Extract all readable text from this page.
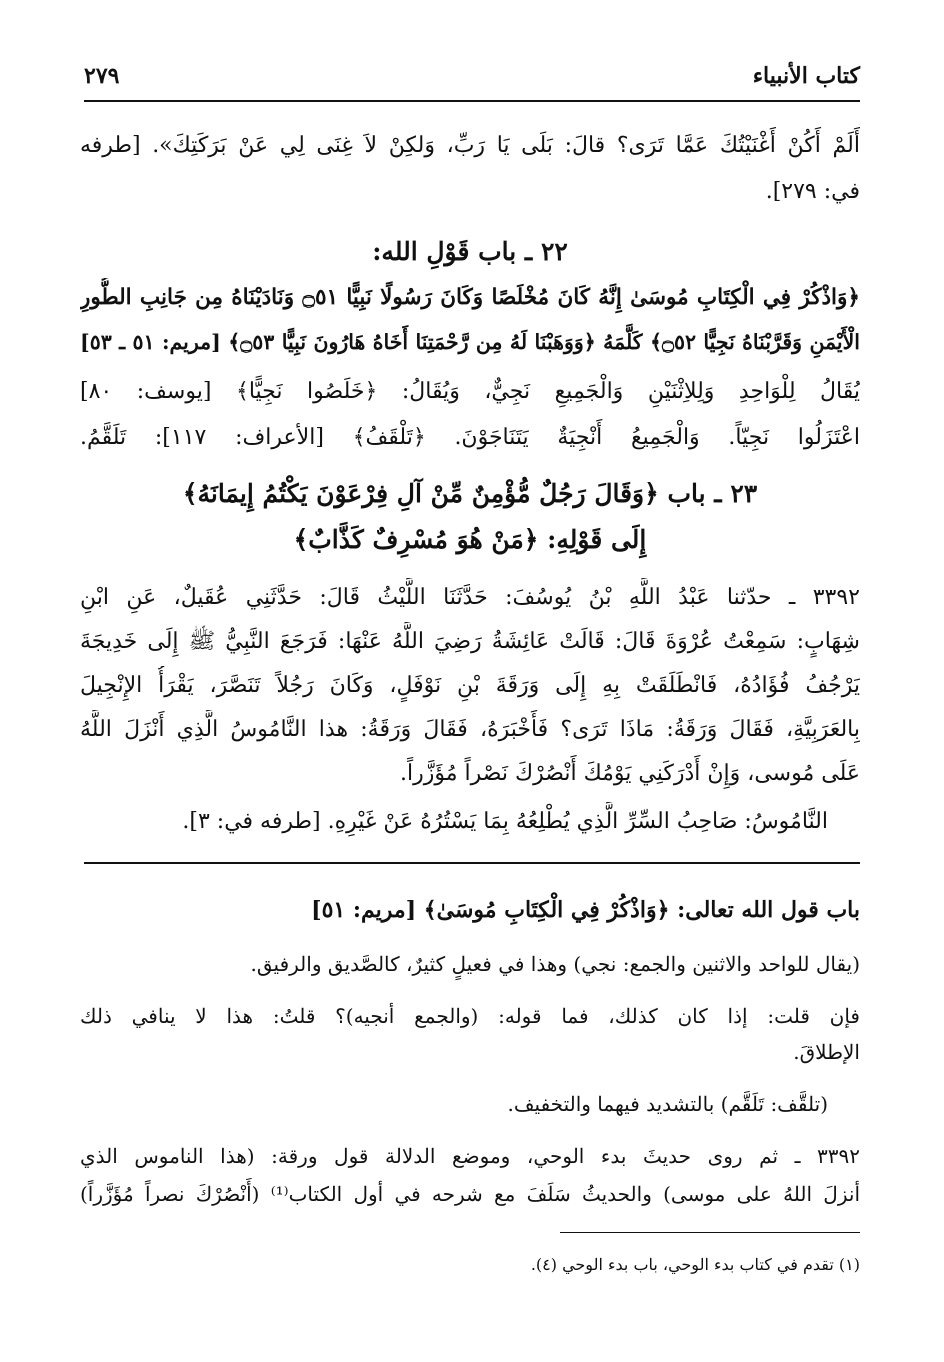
كتاب الأنبياء
٢٧٩
أَلَمْ أَكُنْ أَغْنَيْتُكَ عَمَّا تَرَى؟ قالَ: بَلَى يَا رَبِّ، وَلكِنْ لاَ غِنَى لِي عَنْ بَرَكَتِكَ». [طرفه
في: ٢٧٩].
٢٢ ـ باب قَوْلِ الله:
﴿وَاذْكُرْ فِي الْكِتَابِ مُوسَىٰ إِنَّهُ كَانَ مُخْلَصًا وَكَانَ رَسُولًا نَبِيًّا ۝٥١ وَنَادَيْنَاهُ مِن جَانِبِ الطُّورِ
الْأَيْمَنِ وَقَرَّبْنَاهُ نَجِيًّا ۝٥٢﴾ كَلَّمَهُ ﴿وَوَهَبْنَا لَهُ مِن رَّحْمَتِنَا أَخَاهُ هَارُونَ نَبِيًّا ۝٥٣﴾ [مريم: ٥١ ـ ٥٣]
يُقَالُ لِلْوَاحِدِ وَلِلاِثْنَيْنِ وَالْجَمِيعِ نَجِيٌّ، وَيُقَالُ: ﴿خَلَصُوا نَجِيًّا﴾ [يوسف: ٨٠]
اعْتَزَلُوا نَجِيّاً. وَالْجَمِيعُ أَنْجِيَةٌ يَتَنَاجَوْنَ. ﴿تَلْقَفُ﴾ [الأعراف: ١١٧]: تَلَقَّمُ.
٢٣ ـ باب ﴿وَقَالَ رَجُلٌ مُّؤْمِنٌ مِّنْ آلِ فِرْعَوْنَ يَكْتُمُ إِيمَانَهُ﴾
إِلَى قَوْلِهِ: ﴿مَنْ هُوَ مُسْرِفٌ كَذَّابٌ﴾
٣٣٩٢ ـ حدّثنا عَبْدُ اللَّهِ بْنُ يُوسُفَ: حَدَّثَنَا اللَّيْثُ قَالَ: حَدَّثَنِي عُقَيلٌ، عَنِ ابْنِ
شِهَابٍ: سَمِعْتُ عُرْوَةَ قَالَ: قَالَتْ عَائِشَةُ رَضِيَ اللَّهُ عَنْهَا: فَرَجَعَ النَّبِيُّ ﷺ إِلَى خَدِيجَةَ
يَرْجُفُ فُؤَادُهُ، فَانْطَلَقَتْ بِهِ إِلَى وَرَقَةَ بْنِ نَوْفَلٍ، وَكَانَ رَجُلاً تَنَصَّرَ، يَقْرَأُ الإِنْجِيلَ
بِالعَرَبِيَّةِ، فَقَالَ وَرَقَةُ: مَاذَا تَرَى؟ فَأَخْبَرَهُ، فَقَالَ وَرَقَةُ: هذا النَّامُوسُ الَّذِي أَنْزَلَ اللَّهُ
عَلَى مُوسى، وَإِنْ أَدْرَكَنِي يَوْمُكَ أَنْصُرْكَ نَصْراً مُؤَزَّراً.
النَّامُوسُ: صَاحِبُ السِّرِّ الَّذِي يُطْلِعُهُ بِمَا يَسْتُرُهُ عَنْ غَيْرِهِ. [طرفه في: ٣].
باب قول الله تعالى: ﴿وَاذْكُرْ فِي الْكِتَابِ مُوسَىٰ﴾ [مريم: ٥١]
(يقال للواحد والاثنين والجمع: نجي) وهذا في فعيلٍ كثيرٌ، كالصَّديق والرفيق.
فإن قلت: إذا كان كذلك، فما قوله: (والجمع أنجيه)؟ قلتُ: هذا لا ينافي ذلك
الإطلاقَ.
(تلقَّف: تَلَقَّم) بالتشديد فيهما والتخفيف.
٣٣٩٢ ـ ثم روى حديثَ بدء الوحي، وموضع الدلالة قول ورقة: (هذا الناموس الذي
أنزلَ اللهُ على موسى) والحديثُ سَلَفَ مع شرحه في أول الكتاب⁽¹⁾ (أَنْصُرْكَ نصراً مُؤَزَّراً)
(١) تقدم في كتاب بدء الوحي، باب بدء الوحي (٤).
